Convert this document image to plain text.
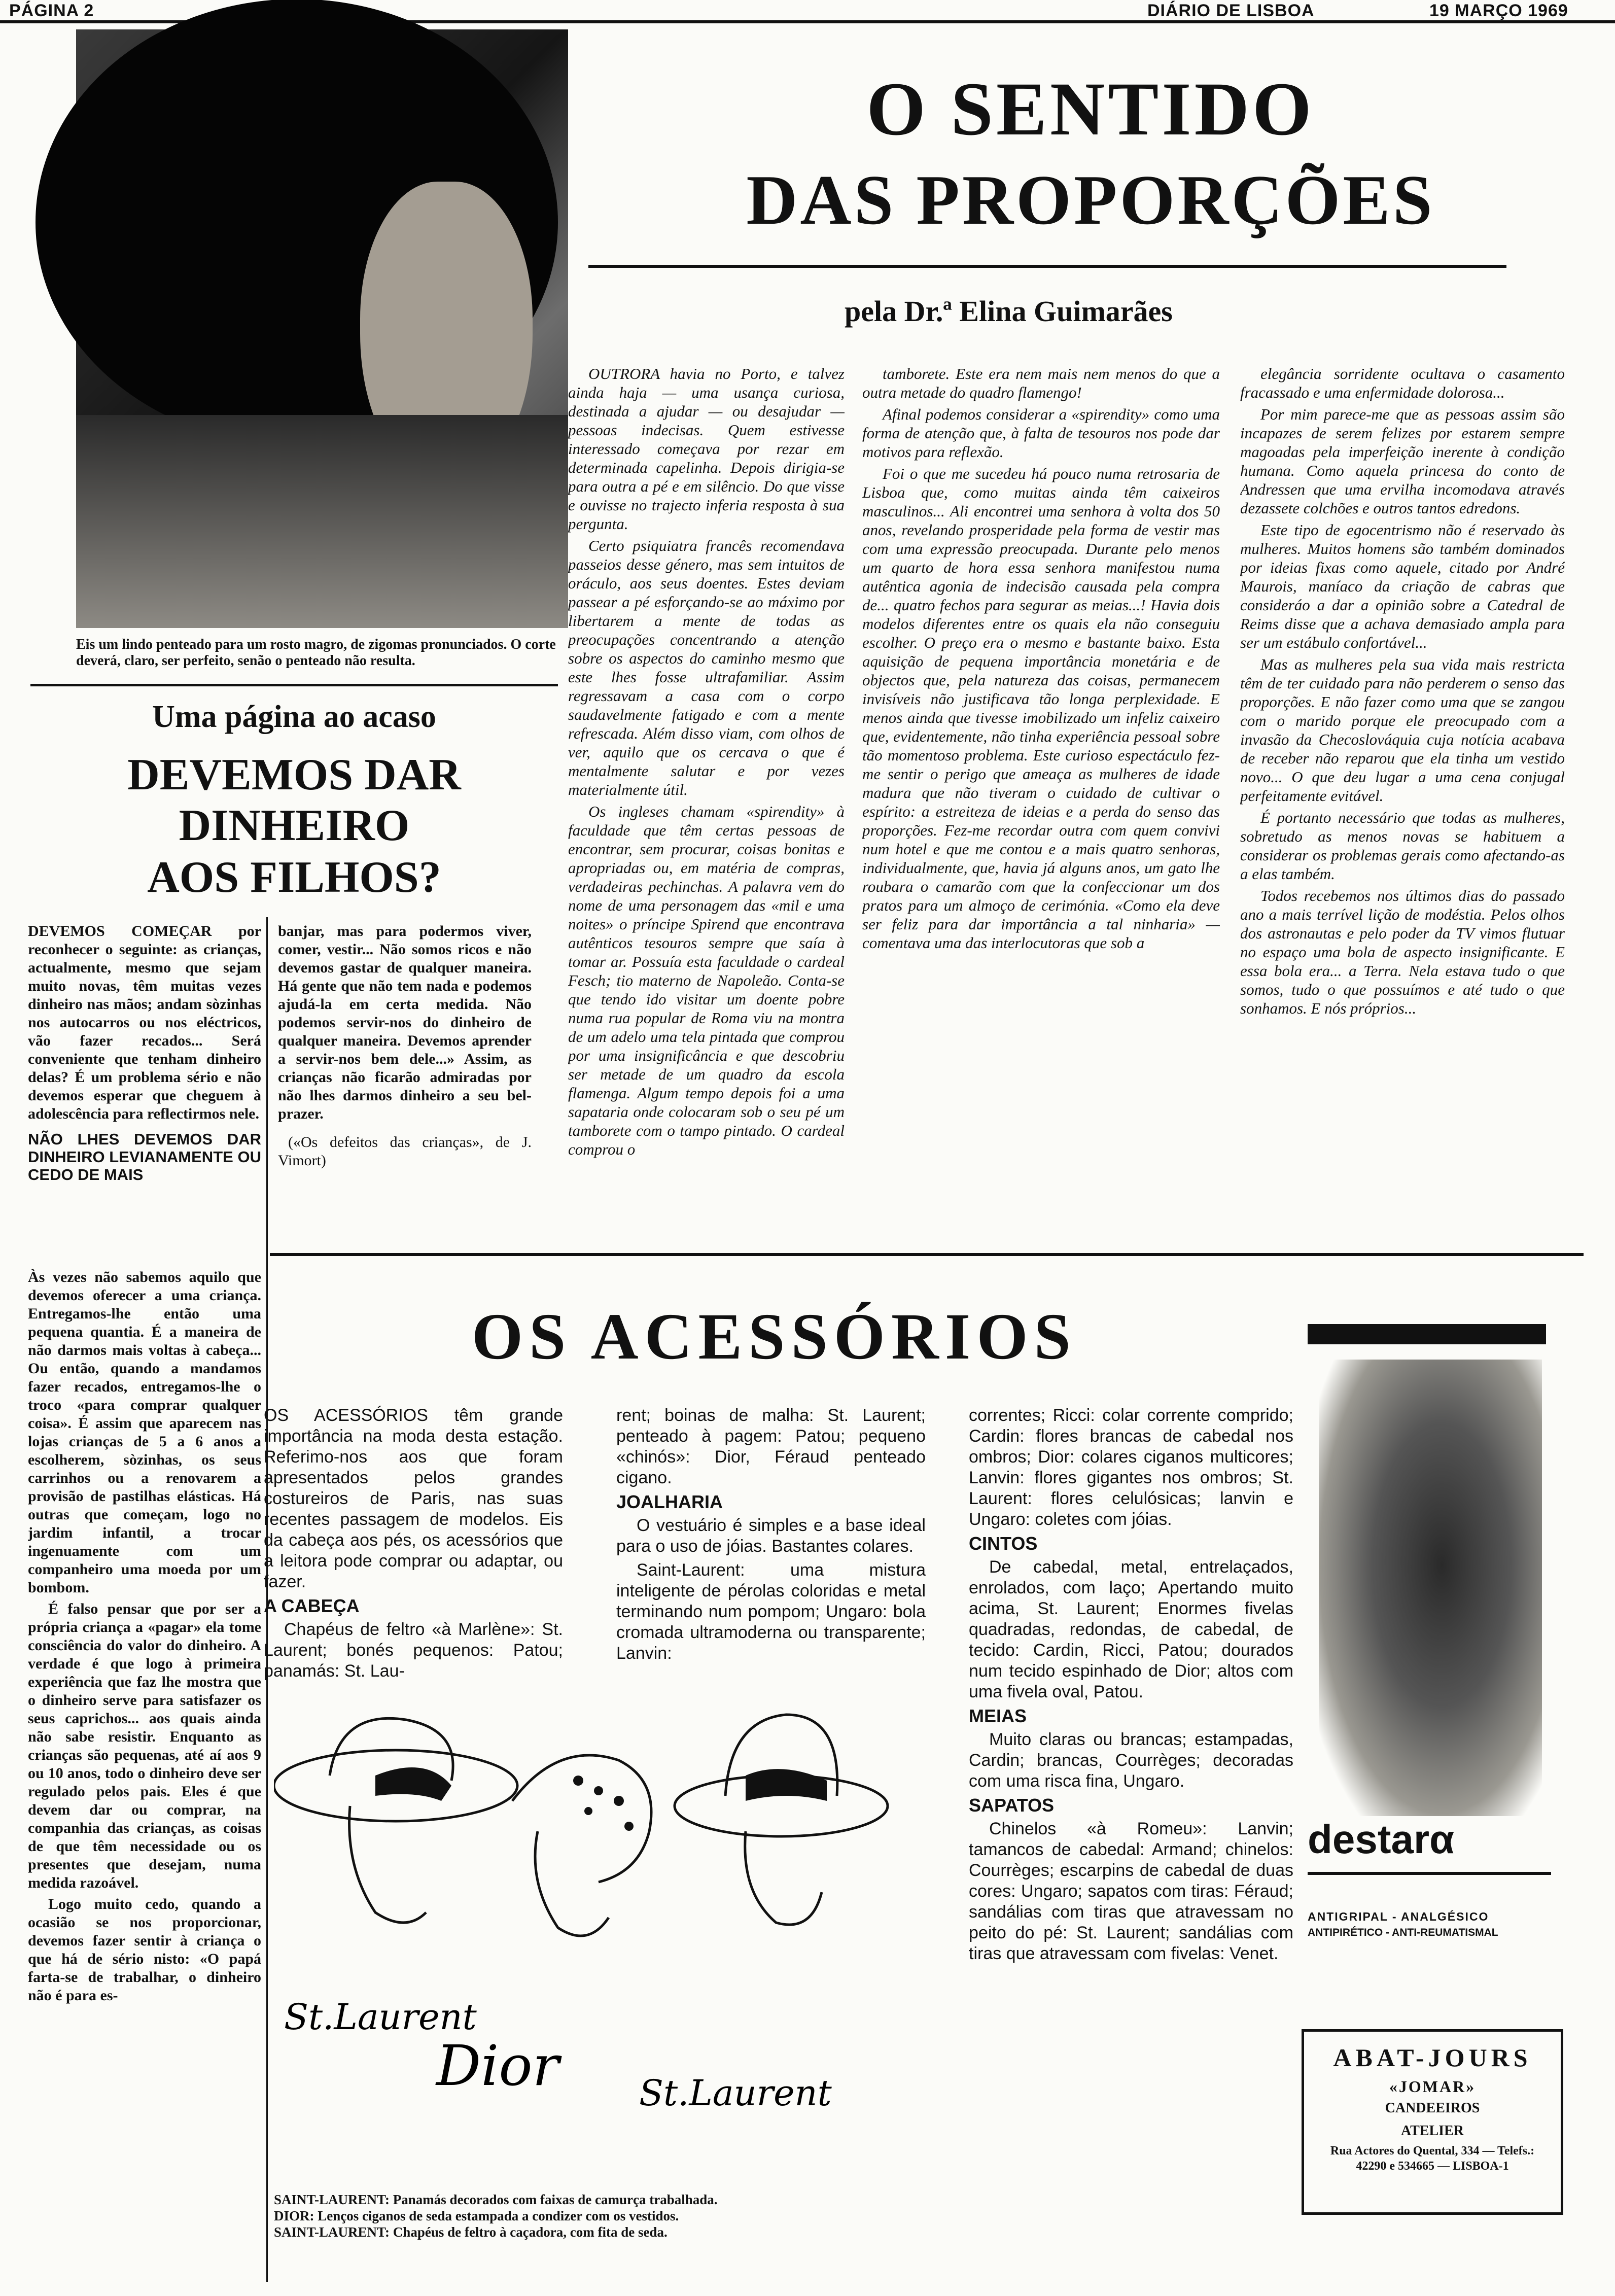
PÁGINA 2	DIÁRIO DE LISBOA	19 MARÇO 1969
Eis um lindo penteado para um rosto magro, de zigomas pronunciados. O corte deverá, claro, ser perfeito, senão o penteado não resulta.
O SENTIDO
DAS PROPORÇÕES
pela Dr.ª Elina Guimarães

OUTRORA havia no Porto, e talvez ainda haja — uma usança curiosa, destinada a ajudar — ou desajudar — pessoas indecisas. Quem estivesse interessado começava por rezar em determinada capelinha. Depois dirigia-se para outra a pé e em silêncio. Do que visse e ouvisse no trajecto inferia resposta à sua pergunta.

Certo psiquiatra francês recomendava passeios desse género, mas sem intuitos de oráculo, aos seus doentes. Estes deviam passear a pé esforçando-se ao máximo por libertarem a mente de todas as preocupações concentrando a atenção sobre os aspectos do caminho mesmo que este lhes fosse ultrafamiliar. Assim regressavam a casa com o corpo saudavelmente fatigado e com a mente refrescada. Além disso viam, com olhos de ver, aquilo que os cercava o que é mentalmente salutar e por vezes materialmente útil.

Os ingleses chamam «spirendity» à faculdade que têm certas pessoas de encontrar, sem procurar, coisas bonitas e apropriadas ou, em matéria de compras, verdadeiras pechinchas. A palavra vem do nome de uma personagem das «mil e uma noites» o príncipe Spirend que encontrava autênticos tesouros sempre que saía à tomar ar. Possuía esta faculdade o cardeal Fesch; tio materno de Napoleão. Conta-se que tendo ido visitar um doente pobre numa rua popular de Roma viu na montra de um adelo uma tela pintada que comprou por uma insignificância e que descobriu ser metade de um quadro da escola flamenga. Algum tempo depois foi a uma sapataria onde colocaram sob o seu pé um tamborete com o tampo pintado. O cardeal comprou o

tamborete. Este era nem mais nem menos do que a outra metade do quadro flamengo!

Afinal podemos considerar a «spirendity» como uma forma de atenção que, à falta de tesouros nos pode dar motivos para reflexão.

Foi o que me sucedeu há pouco numa retrosaria de Lisboa que, como muitas ainda têm caixeiros masculinos... Ali encontrei uma senhora à volta dos 50 anos, revelando prosperidade pela forma de vestir mas com uma expressão preocupada. Durante pelo menos um quarto de hora essa senhora manifestou numa autêntica agonia de indecisão causada pela compra de... quatro fechos para segurar as meias...! Havia dois modelos diferentes entre os quais ela não conseguiu escolher. O preço era o mesmo e bastante baixo. Esta aquisição de pequena importância monetária e de objectos que, pela natureza das coisas, permanecem invisíveis não justificava tão longa perplexidade. E menos ainda que tivesse imobilizado um infeliz caixeiro que, evidentemente, não tinha experiência pessoal sobre tão momentoso problema. Este curioso espectáculo fez-me sentir o perigo que ameaça as mulheres de idade madura que não tiveram o cuidado de cultivar o espírito: a estreiteza de ideias e a perda do senso das proporções. Fez-me recordar outra com quem convivi num hotel e que me contou e a mais quatro senhoras, individualmente, que, havia já alguns anos, um gato lhe roubara o camarão com que la confeccionar um dos pratos para um almoço de cerimónia. «Como ela deve ser feliz para dar importância a tal ninharia» — comentava uma das interlocutoras que sob a

elegância sorridente ocultava o casamento fracassado e uma enfermidade dolorosa...

Por mim parece-me que as pessoas assim são incapazes de serem felizes por estarem sempre magoadas pela imperfeição inerente à condição humana. Como aquela princesa do conto de Andressen que uma ervilha incomodava através dezassete colchões e outros tantos edredons.

Este tipo de egocentrismo não é reservado às mulheres. Muitos homens são também dominados por ideias fixas como aquele, citado por André Maurois, maníaco da criação de cabras que consideráo a dar a opinião sobre a Catedral de Reims disse que a achava demasiado ampla para ser um estábulo confortável...

Mas as mulheres pela sua vida mais restricta têm de ter cuidado para não perderem o senso das proporções. E não fazer como uma que se zangou com o marido porque ele preocupado com a invasão da Checoslováquia cuja notícia acabava de receber não reparou que ela tinha um vestido novo... O que deu lugar a uma cena conjugal perfeitamente evitável.

É portanto necessário que todas as mulheres, sobretudo as menos novas se habituem a considerar os problemas gerais como afectando-as a elas também.

Todos recebemos nos últimos dias do passado ano a mais terrível lição de modéstia. Pelos olhos dos astronautas e pelo poder da TV vimos flutuar no espaço uma bola de aspecto insignificante. E essa bola era... a Terra. Nela estava tudo o que somos, tudo o que possuímos e até tudo o que sonhamos. E nós próprios...

Uma página ao acaso
DEVEMOS DAR
DINHEIRO
AOS FILHOS?

DEVEMOS COMEÇAR por reconhecer o seguinte: as crianças, actualmente, mesmo que sejam muito novas, têm muitas vezes dinheiro nas mãos; andam sòzinhas nos autocarros ou nos eléctricos, vão fazer recados... Será conveniente que tenham dinheiro delas? É um problema sério e não devemos esperar que cheguem à adolescência para reflectirmos nele.

NÃO LHES DEVEMOS DAR DINHEIRO LEVIANAMENTE OU CEDO DE MAIS

banjar, mas para podermos viver, comer, vestir... Não somos ricos e não devemos gastar de qualquer maneira. Há gente que não tem nada e podemos ajudá-la em certa medida. Não podemos servir-nos do dinheiro de qualquer maneira. Devemos aprender a servir-nos bem dele...» Assim, as crianças não ficarão admiradas por não lhes darmos dinheiro a seu bel-prazer.

(«Os defeitos das crianças», de J. Vimort)

Às vezes não sabemos aquilo que devemos oferecer a uma criança. Entregamos-lhe então uma pequena quantia. É a maneira de não darmos mais voltas à cabeça... Ou então, quando a mandamos fazer recados, entregamos-lhe o troco «para comprar qualquer coisa». É assim que aparecem nas lojas crianças de 5 a 6 anos a escolherem, sòzinhas, os seus carrinhos ou a renovarem a provisão de pastilhas elásticas. Há outras que começam, logo no jardim infantil, a trocar ingenuamente com um companheiro uma moeda por um bombom.

É falso pensar que por ser a própria criança a «pagar» ela tome consciência do valor do dinheiro. A verdade é que logo à primeira experiência que faz lhe mostra que o dinheiro serve para satisfazer os seus caprichos... aos quais ainda não sabe resistir. Enquanto as crianças são pequenas, até aí aos 9 ou 10 anos, todo o dinheiro deve ser regulado pelos pais. Eles é que devem dar ou comprar, na companhia das crianças, as coisas de que têm necessidade ou os presentes que desejam, numa medida razoável.

Logo muito cedo, quando a ocasião se nos proporcionar, devemos fazer sentir à criança o que há de sério nisto: «O papá farta-se de trabalhar, o dinheiro não é para es-

OS ACESSÓRIOS

OS ACESSÓRIOS têm grande importância na moda desta estação. Referimo-nos aos que foram apresentados pelos grandes costureiros de Paris, nas suas recentes passagem de modelos. Eis da cabeça aos pés, os acessórios que a leitora pode comprar ou adaptar, ou fazer.

A CABEÇA

Chapéus de feltro «à Marlène»: St. Laurent; bonés pequenos: Patou; panamás: St. Lau-

rent; boinas de malha: St. Laurent; penteado à pagem: Patou; pequeno «chinós»: Dior, Féraud penteado cigano.

JOALHARIA

O vestuário é simples e a base ideal para o uso de jóias. Bastantes colares.

Saint-Laurent: uma mistura inteligente de pérolas coloridas e metal terminando num pompom; Ungaro: bola cromada ultramoderna ou transparente; Lanvin:

correntes; Ricci: colar corrente comprido; Cardin: flores brancas de cabedal nos ombros; Dior: colares ciganos multicores; Lanvin: flores gigantes nos ombros; St. Laurent: flores celulósicas; lanvin e Ungaro: coletes com jóias.

CINTOS

De cabedal, metal, entrelaçados, enrolados, com laço; Apertando muito acima, St. Laurent; Enormes fivelas quadradas, redondas, de cabedal, de tecido: Cardin, Ricci, Patou; dourados num tecido espinhado de Dior; altos com uma fivela oval, Patou.

MEIAS

Muito claras ou brancas; estampadas, Cardin; brancas, Courrèges; decoradas com uma risca fina, Ungaro.

SAPATOS

Chinelos «à Romeu»: Lanvin; tamancos de cabedal: Armand; chinelos: Courrèges; escarpins de cabedal de duas cores: Ungaro; sapatos com tiras: Féraud; sandálias com tiras que atravessam no peito do pé: St. Laurent; sandálias com tiras que atravessam com fivelas: Venet.

St.Laurent
Dior St.Laurent
SAINT-LAURENT: Panamás decorados com faixas de camurça trabalhada.
DIOR: Lenços ciganos de seda estampada a condizer com os vestidos.
SAINT-LAURENT: Chapéus de feltro à caçadora, com fita de seda.
destarα
ANTIGRIPAL - ANALGÉSICO
ANTIPIRÉTICO - ANTI-REUMATISMAL
ABAT-JOURS
«JOMAR»
CANDEEIROS
ATELIER
Rua Actores do Quental, 334 — Telefs.: 42290 e 534665 — LISBOA-1
